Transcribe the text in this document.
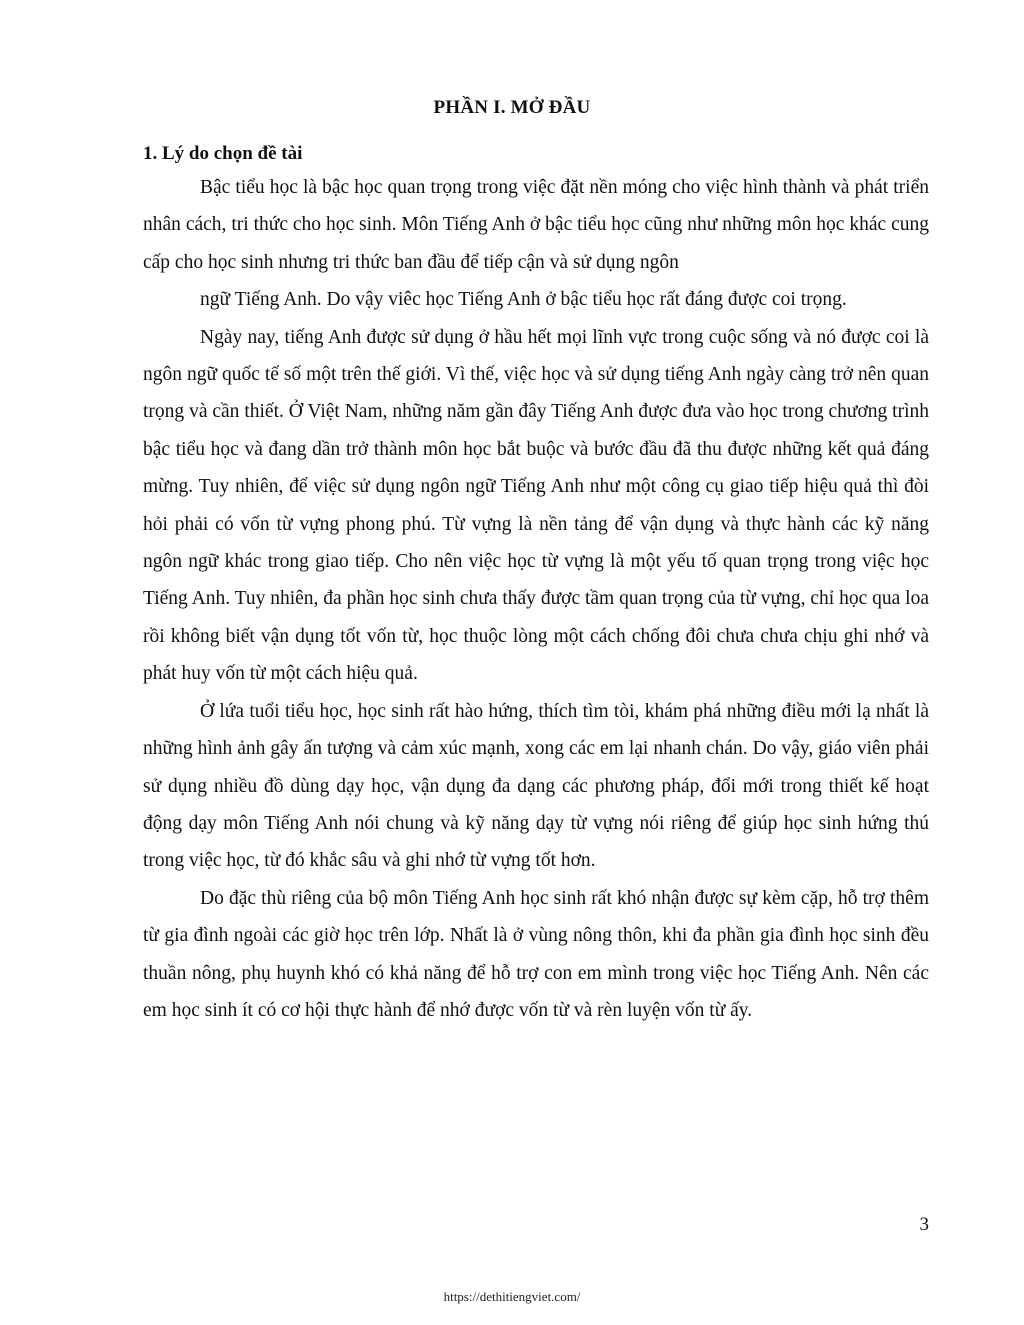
PHẦN I. MỞ ĐẦU
1. Lý do chọn đề tài

Bậc tiểu học là bậc học quan trọng trong việc đặt nền móng cho việc hình thành và phát triển nhân cách, tri thức cho học sinh. Môn Tiếng Anh ở bậc tiểu học cũng như những môn học khác cung cấp cho học sinh nhưng tri thức ban đầu để tiếp cận và sử dụng ngôn

ngữ Tiếng Anh. Do vậy viêc học Tiếng Anh ở bậc tiểu học rất đáng được coi trọng.

Ngày nay, tiếng Anh được sử dụng ở hầu hết mọi lĩnh vực trong cuộc sống và nó được coi là ngôn ngữ quốc tế số một trên thế giới. Vì thế, việc học và sử dụng tiếng Anh ngày càng trở nên quan trọng và cần thiết. Ở Việt Nam, những năm gần đây Tiếng Anh được đưa vào học trong chương trình bậc tiểu học và đang dần trở thành môn học bắt buộc và bước đầu đã thu được những kết quả đáng mừng. Tuy nhiên, để việc sử dụng ngôn ngữ Tiếng Anh như một công cụ giao tiếp hiệu quả thì đòi hỏi phải có vốn từ vựng phong phú. Từ vựng là nền tảng để vận dụng và thực hành các kỹ năng ngôn ngữ khác trong giao tiếp. Cho nên việc học từ vựng là một yếu tố quan trọng trong việc học Tiếng Anh. Tuy nhiên, đa phần học sinh chưa thấy được tầm quan trọng của từ vựng, chỉ học qua loa rồi không biết vận dụng tốt vốn từ, học thuộc lòng một cách chống đôi chưa chưa chịu ghi nhớ và phát huy vốn từ một cách hiệu quả.

Ở lứa tuổi tiểu học, học sinh rất hào hứng, thích tìm tòi, khám phá những điều mới lạ nhất là những hình ảnh gây ấn tượng và cảm xúc mạnh, xong các em lại nhanh chán. Do vậy, giáo viên phải sử dụng nhiều đồ dùng dạy học, vận dụng đa dạng các phương pháp, đổi mới trong thiết kế hoạt động dạy môn Tiếng Anh nói chung và kỹ năng dạy từ vựng nói riêng để giúp học sinh hứng thú trong việc học, từ đó khắc sâu và ghi nhớ từ vựng tốt hơn.

Do đặc thù riêng của bộ môn Tiếng Anh học sinh rất khó nhận được sự kèm cặp, hỗ trợ thêm từ gia đình ngoài các giờ học trên lớp. Nhất là ở vùng nông thôn, khi đa phần gia đình học sinh đều thuần nông, phụ huynh khó có khả năng để hỗ trợ con em mình trong việc học Tiếng Anh. Nên các em học sinh ít có cơ hội thực hành để nhớ được vốn từ và rèn luyện vốn từ ấy.

3
https://dethitiengviet.com/
